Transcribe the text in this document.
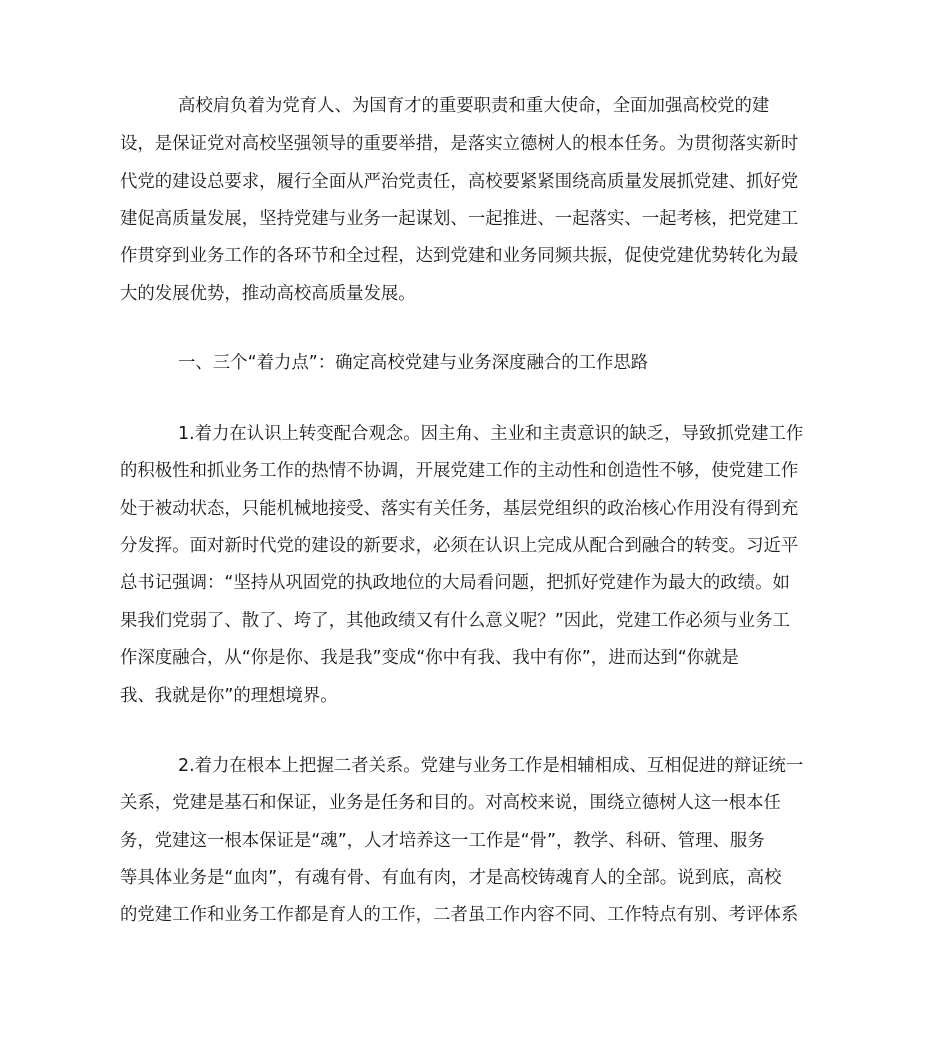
高校肩负着为党育人、为国育才的重要职责和重大使命，全面加强高校党的建
设，是保证党对高校坚强领导的重要举措，是落实立德树人的根本任务。为贯彻落实新时
代党的建设总要求，履行全面从严治党责任，高校要紧紧围绕高质量发展抓党建、抓好党
建促高质量发展，坚持党建与业务一起谋划、一起推进、一起落实、一起考核，把党建工
作贯穿到业务工作的各环节和全过程，达到党建和业务同频共振，促使党建优势转化为最
大的发展优势，推动高校高质量发展。
一、三个“着力点”：确定高校党建与业务深度融合的工作思路
1.着力在认识上转变配合观念。因主角、主业和主责意识的缺乏，导致抓党建工作
的积极性和抓业务工作的热情不协调，开展党建工作的主动性和创造性不够，使党建工作
处于被动状态，只能机械地接受、落实有关任务，基层党组织的政治核心作用没有得到充
分发挥。面对新时代党的建设的新要求，必须在认识上完成从配合到融合的转变。习近平
总书记强调：“坚持从巩固党的执政地位的大局看问题，把抓好党建作为最大的政绩。如
果我们党弱了、散了、垮了，其他政绩又有什么意义呢？”因此，党建工作必须与业务工
作深度融合，从“你是你、我是我”变成“你中有我、我中有你”，进而达到“你就是
我、我就是你”的理想境界。
2.着力在根本上把握二者关系。党建与业务工作是相辅相成、互相促进的辩证统一
关系，党建是基石和保证，业务是任务和目的。对高校来说，围绕立德树人这一根本任
务，党建这一根本保证是“魂”，人才培养这一工作是“骨”，教学、科研、管理、服务
等具体业务是“血肉”，有魂有骨、有血有肉，才是高校铸魂育人的全部。说到底，高校
的党建工作和业务工作都是育人的工作，二者虽工作内容不同、工作特点有别、考评体系
